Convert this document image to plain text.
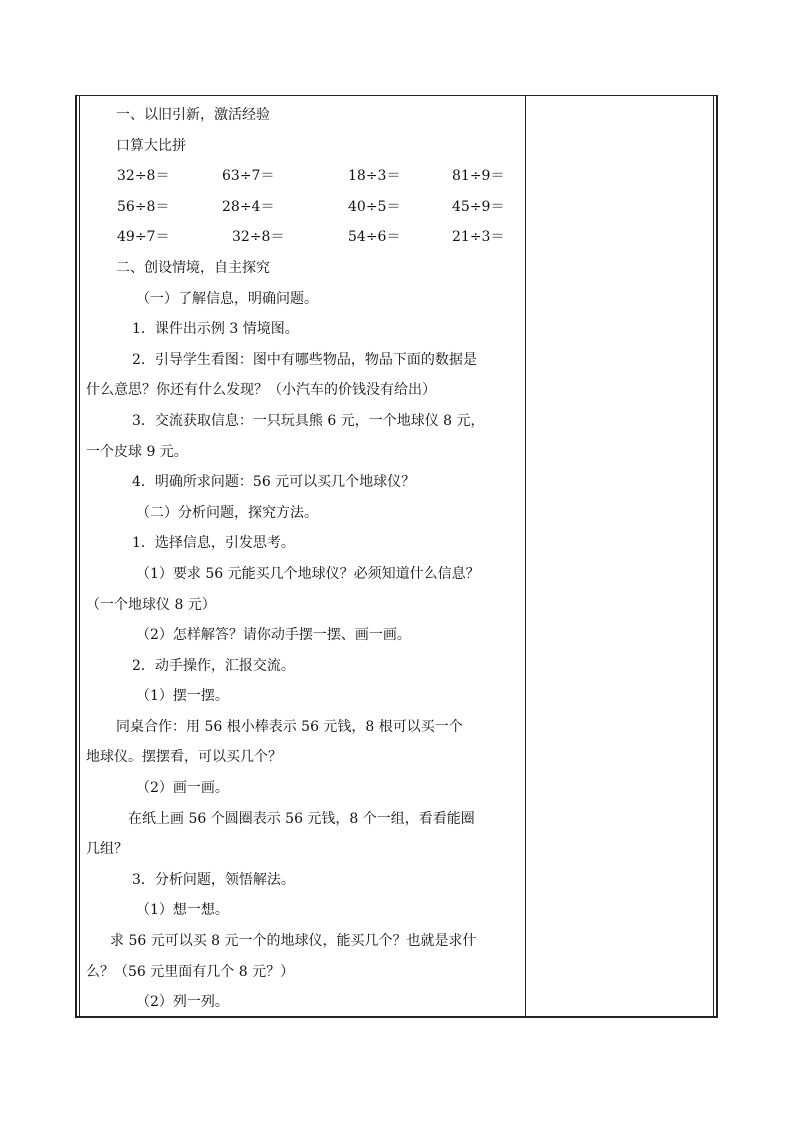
一、以旧引新，激活经验
口算大比拼
32÷8＝	63÷7＝	18÷3＝	81÷9＝
56÷8＝	28÷4＝	40÷5＝	45÷9＝
49÷7＝	32÷8＝	54÷6＝	21÷3＝
二、创设情境，自主探究
（一）了解信息，明确问题。
1．课件出示例 3 情境图。
2．引导学生看图：图中有哪些物品，物品下面的数据是
什么意思？你还有什么发现？（小汽车的价钱没有给出）
3．交流获取信息：一只玩具熊 6 元，一个地球仪 8 元，
一个皮球 9 元。
4．明确所求问题：56 元可以买几个地球仪？
（二）分析问题，探究方法。
1．选择信息，引发思考。
（1）要求 56 元能买几个地球仪？必须知道什么信息？
（一个地球仪 8 元）
（2）怎样解答？请你动手摆一摆、画一画。
2．动手操作，汇报交流。
（1）摆一摆。
同桌合作：用 56 根小棒表示 56 元钱，8 根可以买一个
地球仪。摆摆看，可以买几个？
（2）画一画。
在纸上画 56 个圆圈表示 56 元钱，8 个一组，看看能圈
几组？
3．分析问题，领悟解法。
（1）想一想。
求 56 元可以买 8 元一个的地球仪，能买几个？也就是求什
么？（56 元里面有几个 8 元？）
（2）列一列。
